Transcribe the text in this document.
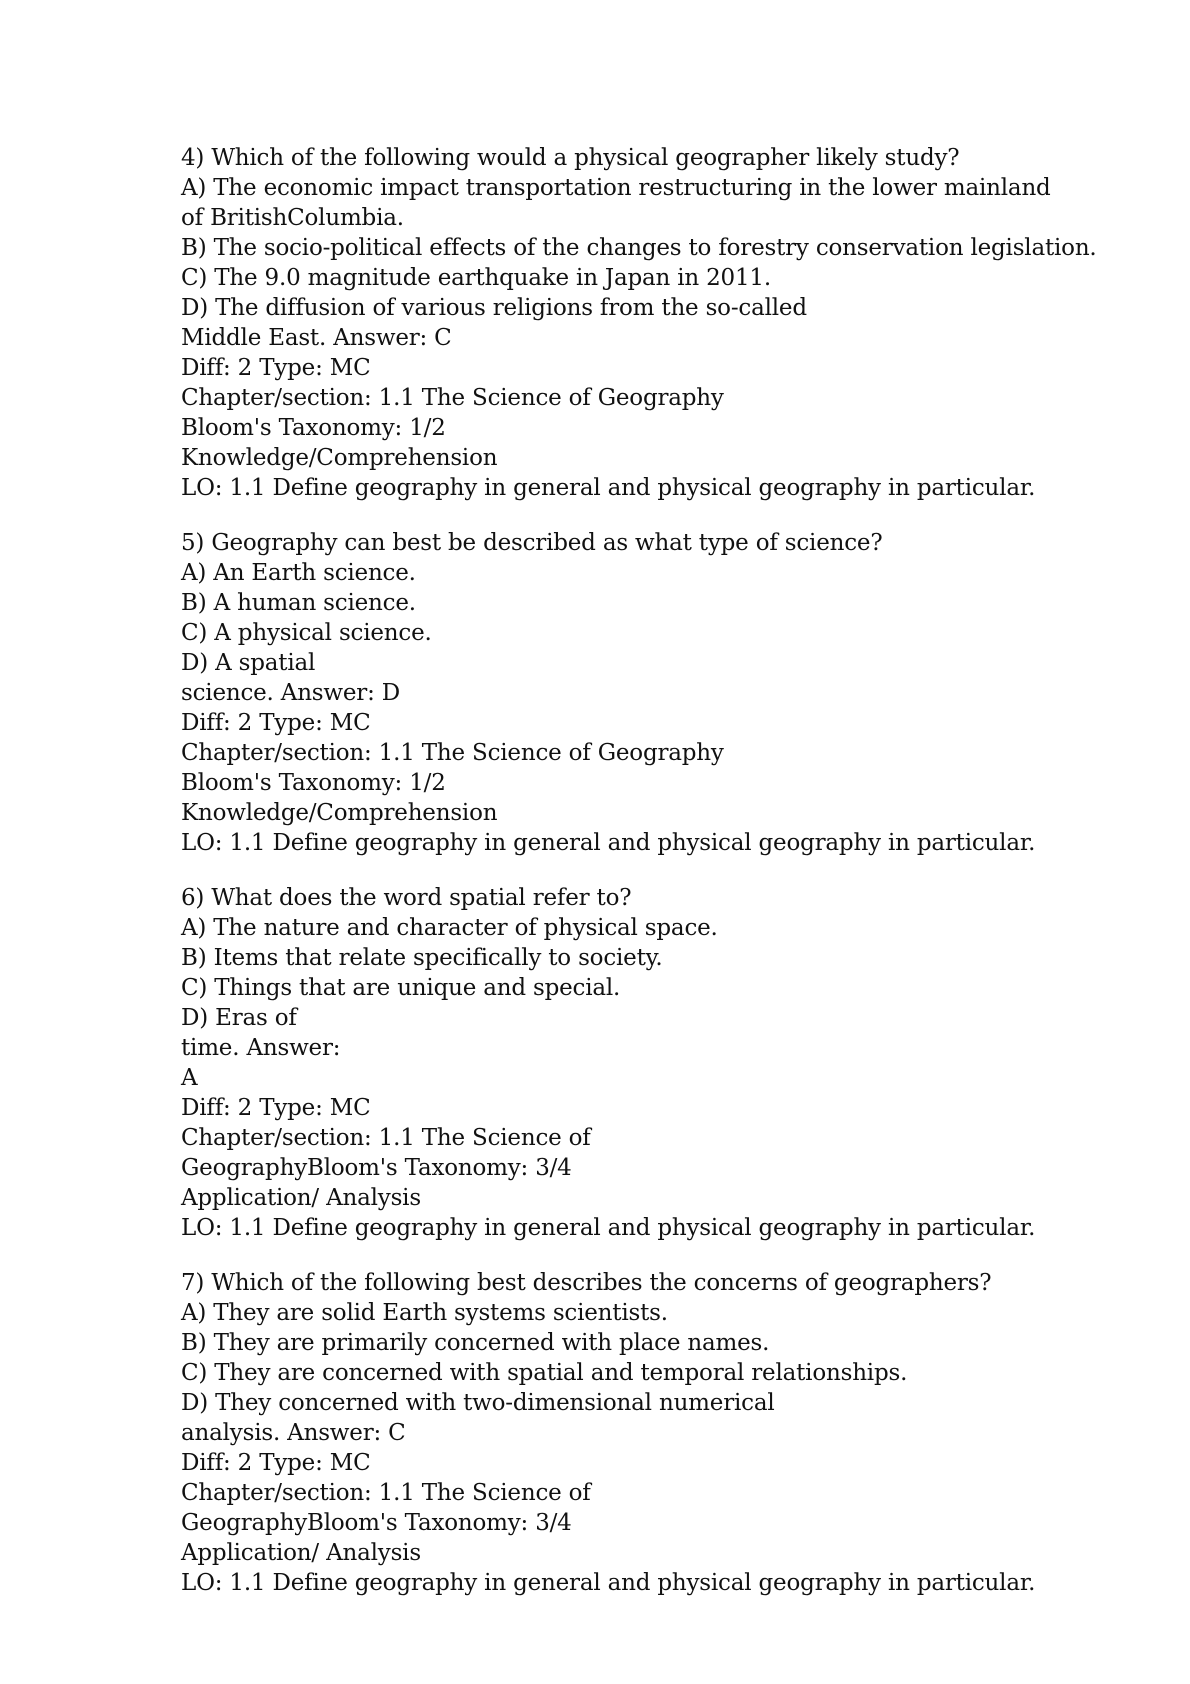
4) Which of the following would a physical geographer likely study?
A) The economic impact transportation restructuring in the lower mainland
of BritishColumbia.
B) The socio-political effects of the changes to forestry conservation legislation.
C) The 9.0 magnitude earthquake in Japan in 2011.
D) The diffusion of various religions from the so-called
Middle East. Answer: C
Diff: 2 Type: MC
Chapter/section: 1.1 The Science of Geography
Bloom's Taxonomy: 1/2
Knowledge/Comprehension
LO: 1.1 Define geography in general and physical geography in particular.
5) Geography can best be described as what type of science?
A) An Earth science.
B) A human science.
C) A physical science.
D) A spatial
science. Answer: D
Diff: 2 Type: MC
Chapter/section: 1.1 The Science of Geography
Bloom's Taxonomy: 1/2
Knowledge/Comprehension
LO: 1.1 Define geography in general and physical geography in particular.
6) What does the word spatial refer to?
A) The nature and character of physical space.
B) Items that relate specifically to society.
C) Things that are unique and special.
D) Eras of
time. Answer:
A
Diff: 2 Type: MC
Chapter/section: 1.1 The Science of
GeographyBloom's Taxonomy: 3/4
Application/ Analysis
LO: 1.1 Define geography in general and physical geography in particular.
7) Which of the following best describes the concerns of geographers?
A) They are solid Earth systems scientists.
B) They are primarily concerned with place names.
C) They are concerned with spatial and temporal relationships.
D) They concerned with two-dimensional numerical
analysis. Answer: C
Diff: 2 Type: MC
Chapter/section: 1.1 The Science of
GeographyBloom's Taxonomy: 3/4
Application/ Analysis
LO: 1.1 Define geography in general and physical geography in particular.
